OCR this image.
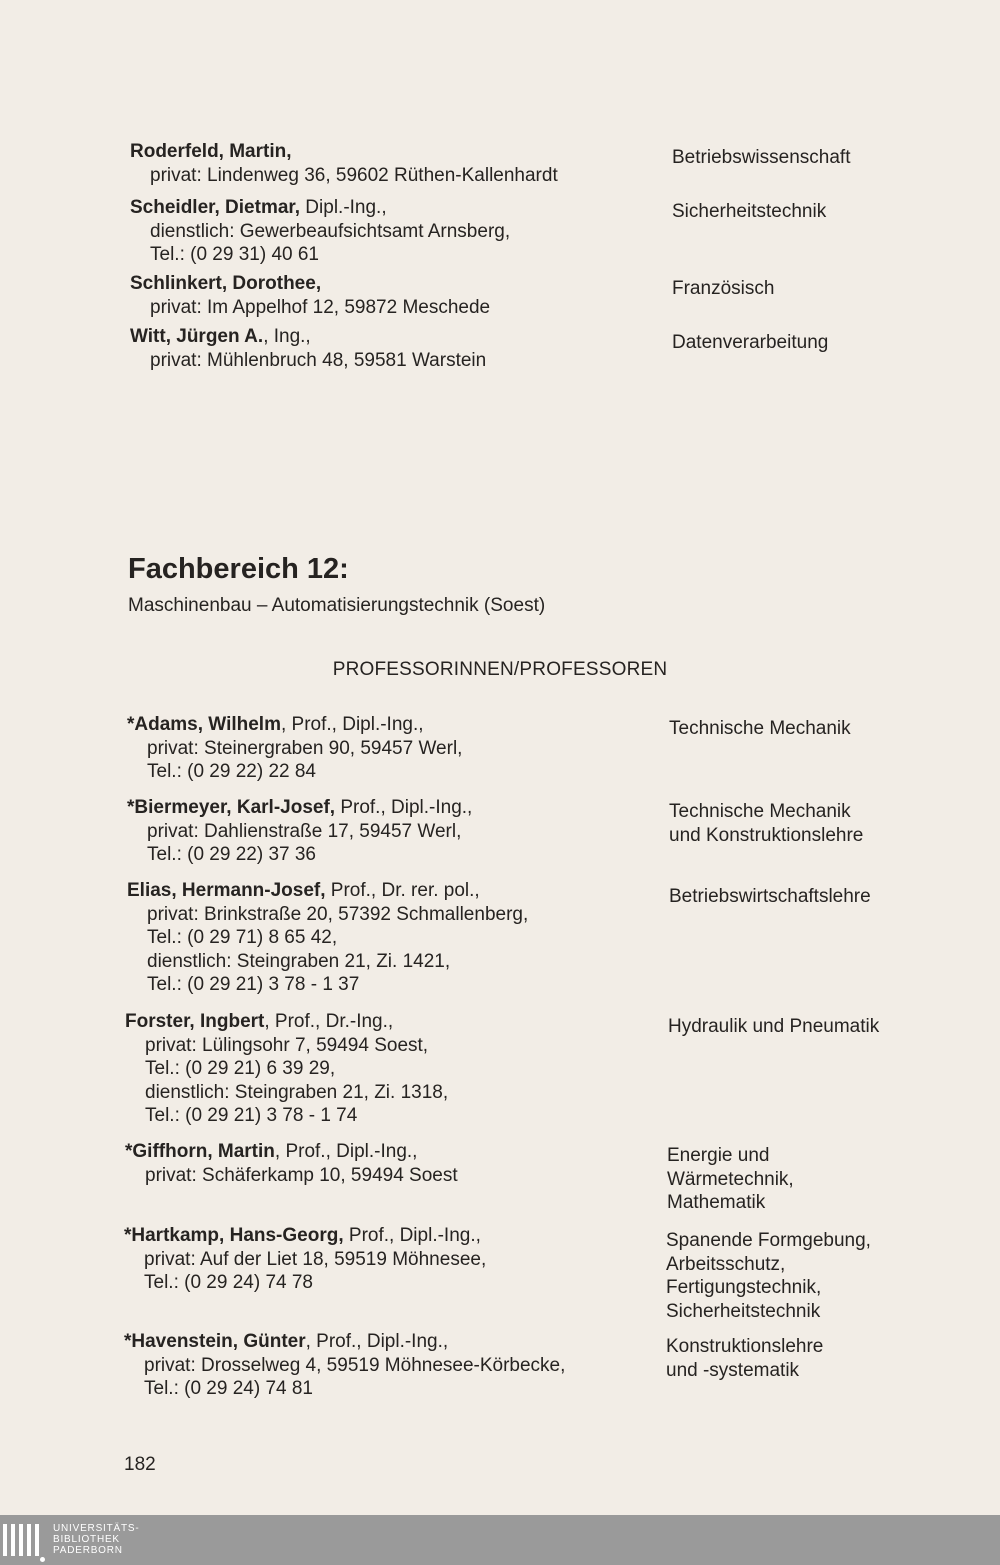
Roderfeld, Martin,
privat: Lindenweg 36, 59602 Rüthen-Kallenhardt
Betriebswissenschaft
Scheidler, Dietmar, Dipl.-Ing.,
dienstlich: Gewerbeaufsichtsamt Arnsberg,
Tel.: (0 29 31) 40 61
Sicherheitstechnik
Schlinkert, Dorothee,
privat: Im Appelhof 12, 59872 Meschede
Französisch
Witt, Jürgen A., Ing.,
privat: Mühlenbruch 48, 59581 Warstein
Datenverarbeitung
Fachbereich 12:
Maschinenbau – Automatisierungstechnik (Soest)
PROFESSORINNEN/PROFESSOREN
*Adams, Wilhelm, Prof., Dipl.-Ing.,
privat: Steinergraben 90, 59457 Werl,
Tel.: (0 29 22) 22 84
Technische Mechanik
*Biermeyer, Karl-Josef, Prof., Dipl.-Ing.,
privat: Dahlienstraße 17, 59457 Werl,
Tel.: (0 29 22) 37 36
Technische Mechanik
und Konstruktionslehre
Elias, Hermann-Josef, Prof., Dr. rer. pol.,
privat: Brinkstraße 20, 57392 Schmallenberg,
Tel.: (0 29 71) 8 65 42,
dienstlich: Steingraben 21, Zi. 1421,
Tel.: (0 29 21) 3 78 - 1 37
Betriebswirtschaftslehre
Forster, Ingbert, Prof., Dr.-Ing.,
privat: Lülingsohr 7, 59494 Soest,
Tel.: (0 29 21) 6 39 29,
dienstlich: Steingraben 21, Zi. 1318,
Tel.: (0 29 21) 3 78 - 1 74
Hydraulik und Pneumatik
*Giffhorn, Martin, Prof., Dipl.-Ing.,
privat: Schäferkamp 10, 59494 Soest
Energie und
Wärmetechnik,
Mathematik
*Hartkamp, Hans-Georg, Prof., Dipl.-Ing.,
privat: Auf der Liet 18, 59519 Möhnesee,
Tel.: (0 29 24) 74 78
Spanende Formgebung,
Arbeitsschutz,
Fertigungstechnik,
Sicherheitstechnik
*Havenstein, Günter, Prof., Dipl.-Ing.,
privat: Drosselweg 4, 59519 Möhnesee-Körbecke,
Tel.: (0 29 24) 74 81
Konstruktionslehre
und -systematik
182
UNIVERSITÄTS-
BIBLIOTHEK
PADERBORN
